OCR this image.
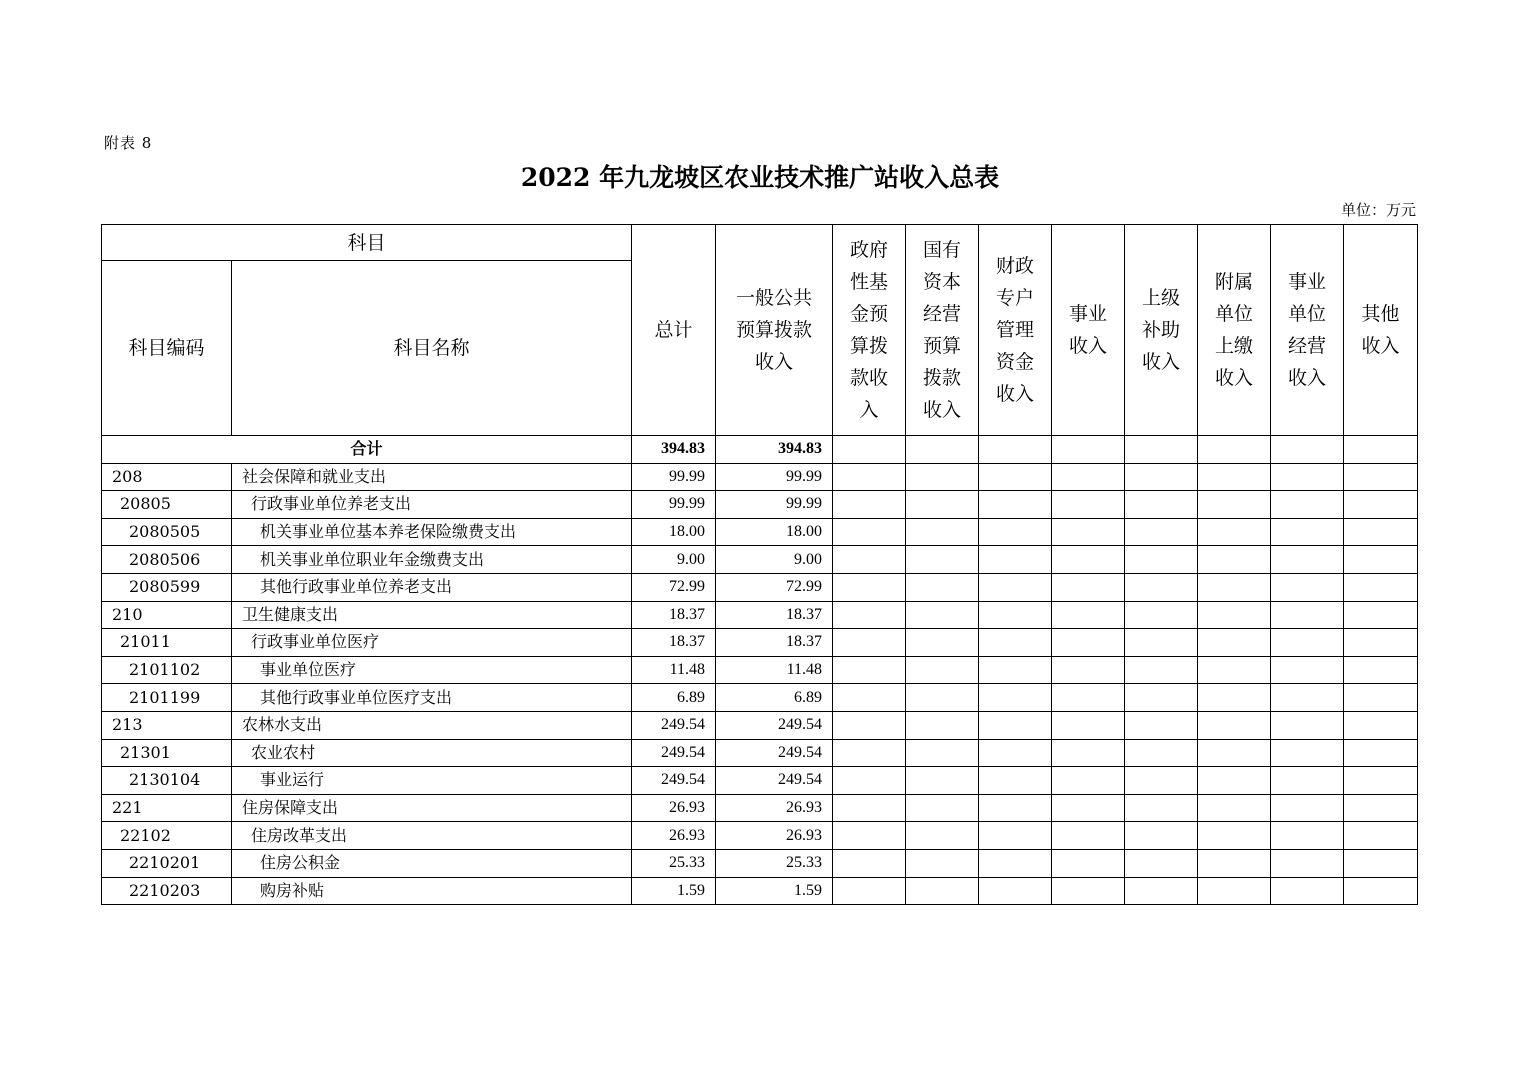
附表 8
2022 年九龙坡区农业技术推广站收入总表
单位：万元
科目		总计	一般公共预算拨款收入	政府性基金预算拨款收入	国有资本经营预算拨款收入	财政专户管理资金收入	事业收入	上级补助收入	附属单位上缴收入	事业单位经营收入	其他收入
科目编码	科目名称										
合计		394.83	394.83								
208	社会保障和就业支出	99.99	99.99								
20805	行政事业单位养老支出	99.99	99.99								
2080505	机关事业单位基本养老保险缴费支出	18.00	18.00								
2080506	机关事业单位职业年金缴费支出	9.00	9.00								
2080599	其他行政事业单位养老支出	72.99	72.99								
210	卫生健康支出	18.37	18.37								
21011	行政事业单位医疗	18.37	18.37								
2101102	事业单位医疗	11.48	11.48								
2101199	其他行政事业单位医疗支出	6.89	6.89								
213	农林水支出	249.54	249.54								
21301	农业农村	249.54	249.54								
2130104	事业运行	249.54	249.54								
221	住房保障支出	26.93	26.93								
22102	住房改革支出	26.93	26.93								
2210201	住房公积金	25.33	25.33								
2210203	购房补贴	1.59	1.59								
